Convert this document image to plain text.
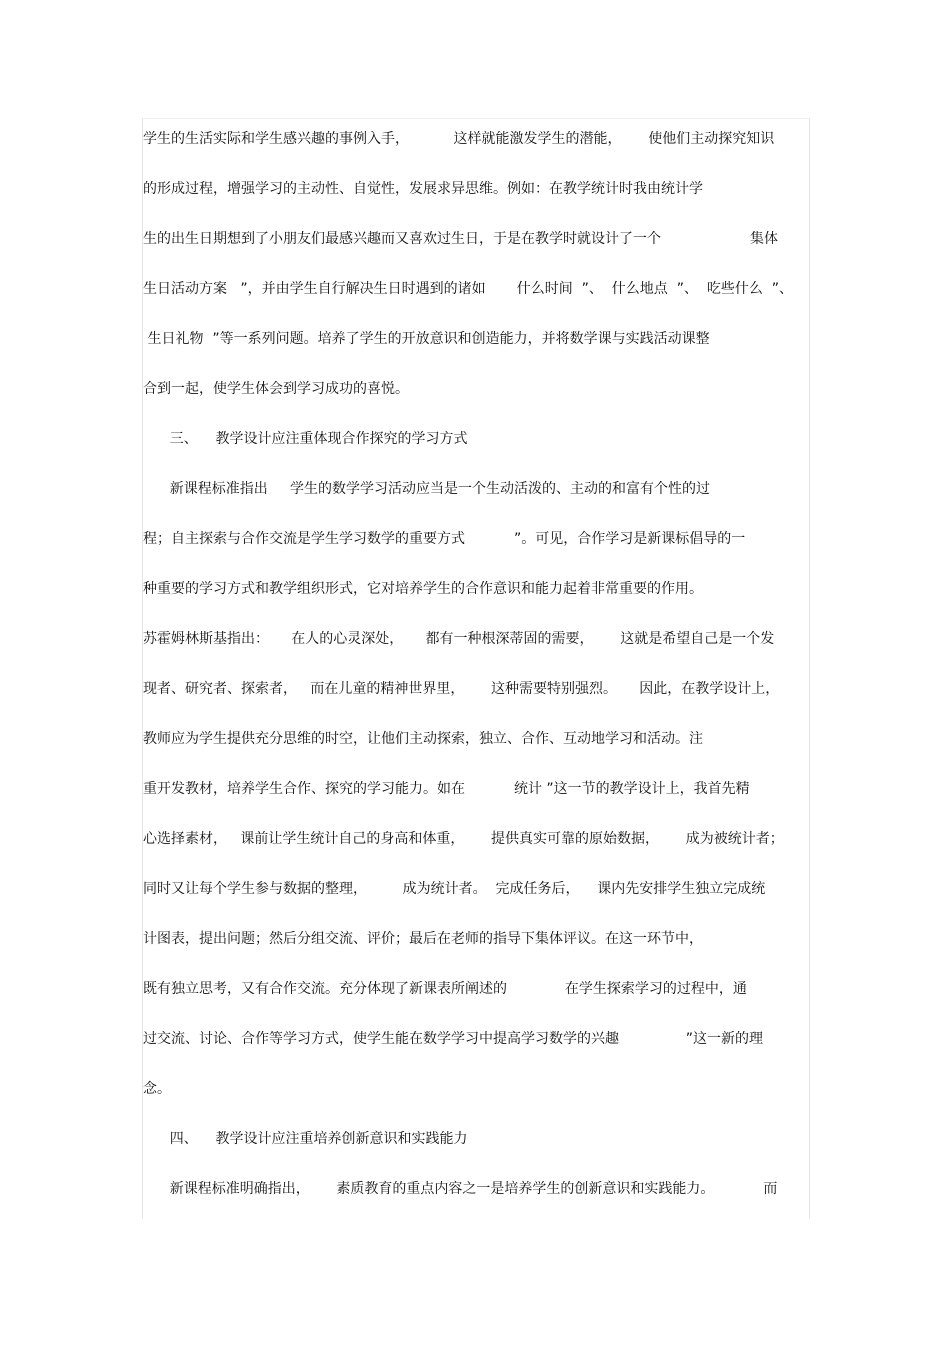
学生的生活实际和学生感兴趣的事例入手，          这样就能激发学生的潜能，      使他们主动探究知识
的形成过程，增强学习的主动性、自觉性，发展求异思维。例如：在教学统计时我由统计学
生的出生日期想到了小朋友们最感兴趣而又喜欢过生日，于是在教学时就设计了一个                    集体
生日活动方案   ”，并由学生自行解决生日时遇到的诸如       什么时间  ”、  什么地点  ”、  吃些什么  ”、
生日礼物  ”等一系列问题。培养了学生的开放意识和创造能力，并将数学课与实践活动课整
合到一起，使学生体会到学习成功的喜悦。
三、    教学设计应注重体现合作探究的学习方式
新课程标准指出     学生的数学学习活动应当是一个生动活泼的、主动的和富有个性的过
程；自主探索与合作交流是学生学习数学的重要方式           ”。可见，合作学习是新课标倡导的一
种重要的学习方式和教学组织形式，它对培养学生的合作意识和能力起着非常重要的作用。
苏霍姆林斯基指出：     在人的心灵深处，     都有一种根深蒂固的需要，      这就是希望自己是一个发
现者、研究者、探索者，   而在儿童的精神世界里，      这种需要特别强烈。     因此，在教学设计上，
教师应为学生提供充分思维的时空，让他们主动探索，独立、合作、互动地学习和活动。注
重开发教材，培养学生合作、探究的学习能力。如在           统计 ”这一节的教学设计上，我首先精
心选择素材，   课前让学生统计自己的身高和体重，      提供真实可靠的原始数据，      成为被统计者；
同时又让每个学生参与数据的整理，        成为统计者。  完成任务后，    课内先安排学生独立完成统
计图表，提出问题；然后分组交流、评价；最后在老师的指导下集体评议。在这一环节中，
既有独立思考，又有合作交流。充分体现了新课表所阐述的             在学生探索学习的过程中，通
过交流、讨论、合作等学习方式，使学生能在数学学习中提高学习数学的兴趣               ”这一新的理
念。
四、    教学设计应注重培养创新意识和实践能力
新课程标准明确指出，      素质教育的重点内容之一是培养学生的创新意识和实践能力。           而
